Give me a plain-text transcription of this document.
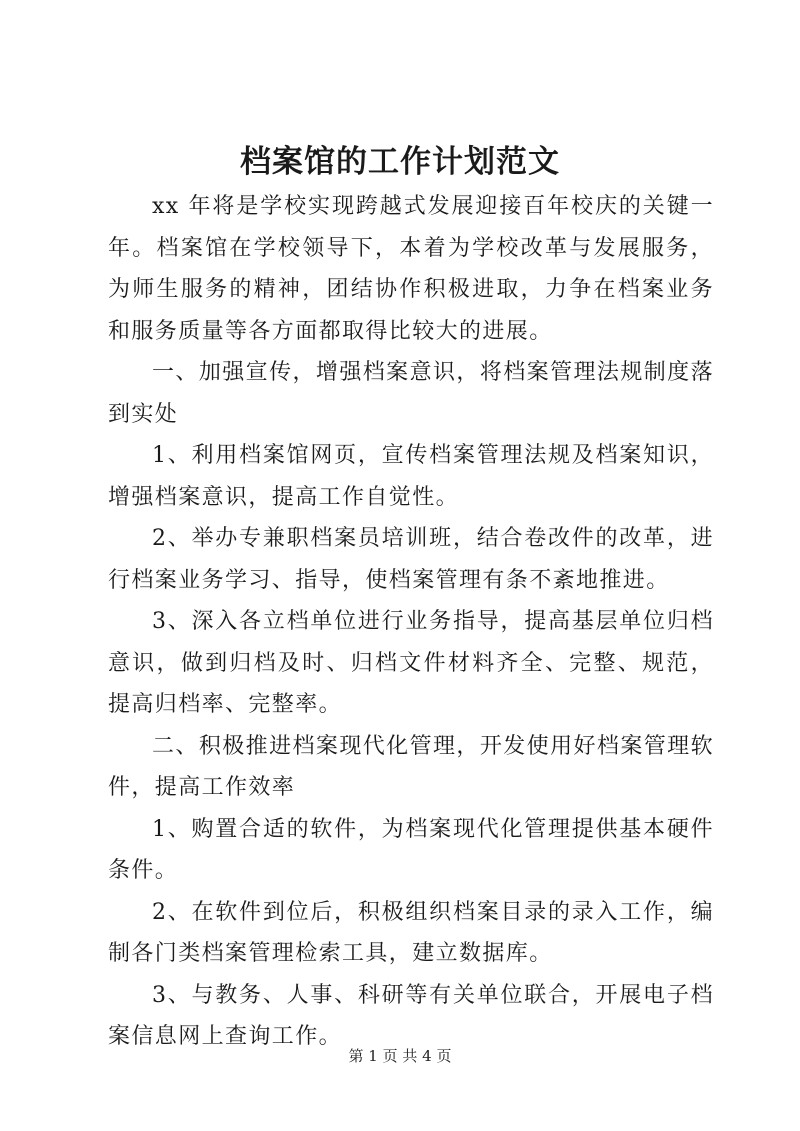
档案馆的工作计划范文

xx 年将是学校实现跨越式发展迎接百年校庆的关键一年。档案馆在学校领导下，本着为学校改革与发展服务，为师生服务的精神，团结协作积极进取，力争在档案业务和服务质量等各方面都取得比较大的进展。

一、加强宣传，增强档案意识，将档案管理法规制度落到实处

1、利用档案馆网页，宣传档案管理法规及档案知识，增强档案意识，提高工作自觉性。

2、举办专兼职档案员培训班，结合卷改件的改革，进行档案业务学习、指导，使档案管理有条不紊地推进。

3、深入各立档单位进行业务指导，提高基层单位归档意识，做到归档及时、归档文件材料齐全、完整、规范，提高归档率、完整率。

二、积极推进档案现代化管理，开发使用好档案管理软件，提高工作效率

1、购置合适的软件，为档案现代化管理提供基本硬件条件。

2、在软件到位后，积极组织档案目录的录入工作，编制各门类档案管理检索工具，建立数据库。

3、与教务、人事、科研等有关单位联合，开展电子档案信息网上查询工作。

第 1 页 共 4 页
